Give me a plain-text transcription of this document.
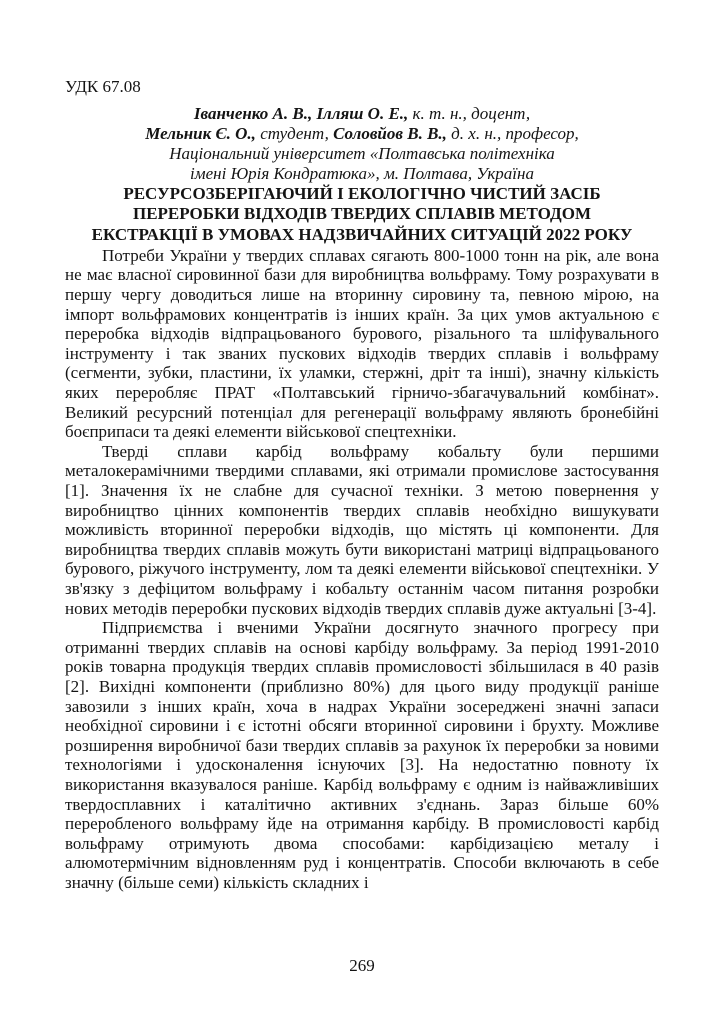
УДК 67.08
Іванченко А. В., Ілляш О. Е., к. т. н., доцент,
Мельник Є. О., студент, Соловйов В. В., д. х. н., професор,
Національний університет «Полтавська політехніка
імені Юрія Кондратюка», м. Полтава, Україна
РЕСУРСОЗБЕРІГАЮЧИЙ І ЕКОЛОГІЧНО ЧИСТИЙ ЗАСІБ
ПЕРЕРОБКИ ВІДХОДІВ ТВЕРДИХ СПЛАВІВ МЕТОДОМ
ЕКСТРАКЦІЇ В УМОВАХ НАДЗВИЧАЙНИХ СИТУАЦІЙ 2022 РОКУ

Потреби України у твердих сплавах сягають 800-1000 тонн на рік, але вона не має власної сировинної бази для виробництва вольфраму. Тому розрахувати в першу чергу доводиться лише на вторинну сировину та, певною мірою, на імпорт вольфрамових концентратів із інших країн. За цих умов актуальною є переробка відходів відпрацьованого бурового, різального та шліфувального інструменту і так званих пускових відходів твердих сплавів і вольфраму (сегменти, зубки, пластини, їх уламки, стержні, дріт та інші), значну кількість яких переробляє ПРАТ «Полтавський гірничо-збагачувальний комбінат». Великий ресурсний потенціал для регенерації вольфраму являють бронебійні боєприпаси та деякі елементи військової спецтехніки.

Тверді сплави карбід вольфраму кобальту були першими металокерамічними твердими сплавами, які отримали промислове застосування [1]. Значення їх не слабне для сучасної техніки. З метою повернення у виробництво цінних компонентів твердих сплавів необхідно вишукувати можливість вторинної переробки відходів, що містять ці компоненти. Для виробництва твердих сплавів можуть бути використані матриці відпрацьованого бурового, ріжучого інструменту, лом та деякі елементи військової спецтехніки. У зв'язку з дефіцитом вольфраму і кобальту останнім часом питання розробки нових методів переробки пускових відходів твердих сплавів дуже актуальні [3-4].

Підприємства і вченими України досягнуто значного прогресу при отриманні твердих сплавів на основі карбіду вольфраму. За період 1991-2010 років товарна продукція твердих сплавів промисловості збільшилася в 40 разів [2]. Вихідні компоненти (приблизно 80%) для цього виду продукції раніше завозили з інших країн, хоча в надрах України зосереджені значні запаси необхідної сировини і є істотні обсяги вторинної сировини і брухту. Можливе розширення виробничої бази твердих сплавів за рахунок їх переробки за новими технологіями і удосконалення існуючих [3]. На недостатню повноту їх використання вказувалося раніше. Карбід вольфраму є одним із найважливіших твердосплавних і каталітично активних з'єднань. Зараз більше 60% переробленого вольфраму йде на отримання карбіду. В промисловості карбід вольфраму отримують двома способами: карбідизацією металу і алюмотермічним відновленням руд і концентратів. Способи включають в себе значну (більше семи) кількість складних і

269
